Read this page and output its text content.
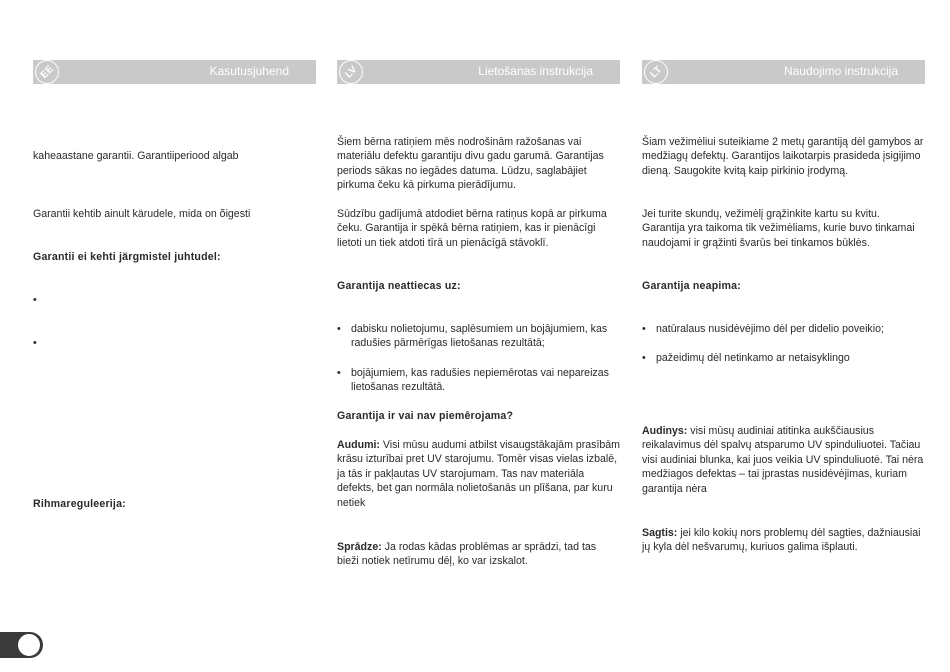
EE	Kasutusjuhend

kaheaastane garantii. Garantiiperiood algab

Garantii kehtib ainult kärudele, mida on õigesti

Garantii ei kehti järgmistel juhtudel:

•
•

Rihmareguleerija:

LV	Lietošanas instrukcija

Šiem bērna ratiņiem mēs nodrošinām ražošanas vai materiālu defektu garantiju divu gadu garumā. Garantijas periods sākas no iegādes datuma. Lūdzu, saglabājiet pirkuma čeku kā pirkuma pierādījumu.

Sūdzību gadījumā atdodiet bērna ratiņus kopā ar pirkuma čeku. Garantija ir spēkā bērna ratiņiem, kas ir pienācīgi lietoti un tiek atdoti tīrā un pienācīgā stāvoklī.

Garantija neattiecas uz:

• dabisku nolietojumu, saplēsumiem un bojājumiem, kas radušies pārmērīgas lietošanas rezultātā;
• bojājumiem, kas radušies nepiemērotas vai nepareizas lietošanas rezultātā.

Garantija ir vai nav piemērojama?

Audumi: Visi mūsu audumi atbilst visaugstākajām prasībām krāsu izturībai pret UV starojumu. Tomēr visas vielas izbalē, ja tās ir pakļautas UV starojumam. Tas nav materiāla defekts, bet gan normāla nolietošanās un plīšana, par kuru netiek

Sprādze: Ja rodas kādas problēmas ar sprādzi, tad tas bieži notiek netīrumu dēļ, ko var izskalot.

LT	Naudojimo instrukcija

Šiam vežimėliui suteikiame 2 metų garantiją dėl gamybos ar medžiagų defektų. Garantijos laikotarpis prasideda įsigijimo dieną. Saugokite kvitą kaip pirkinio įrodymą.

Jei turite skundų, vežimėlį grąžinkite kartu su kvitu. Garantija yra taikoma tik vežimėliams, kurie buvo tinkamai naudojami ir grąžinti švarūs bei tinkamos būklės.

Garantija neapima:

• natūralaus nusidėvėjimo dėl per didelio poveikio;
• pažeidimų dėl netinkamo ar netaisyklingo

Audinys: visi mūsų audiniai atitinka aukščiausius reikalavimus dėl spalvų atsparumo UV spinduliuotei. Tačiau visi audiniai blunka, kai juos veikia UV spinduliuotė. Tai nėra medžiagos defektas – tai įprastas nusidėvėjimas, kuriam garantija nėra

Sagtis: jei kilo kokių nors problemų dėl sagties, dažniausiai jų kyla dėl nešvarumų, kuriuos galima išplauti.
